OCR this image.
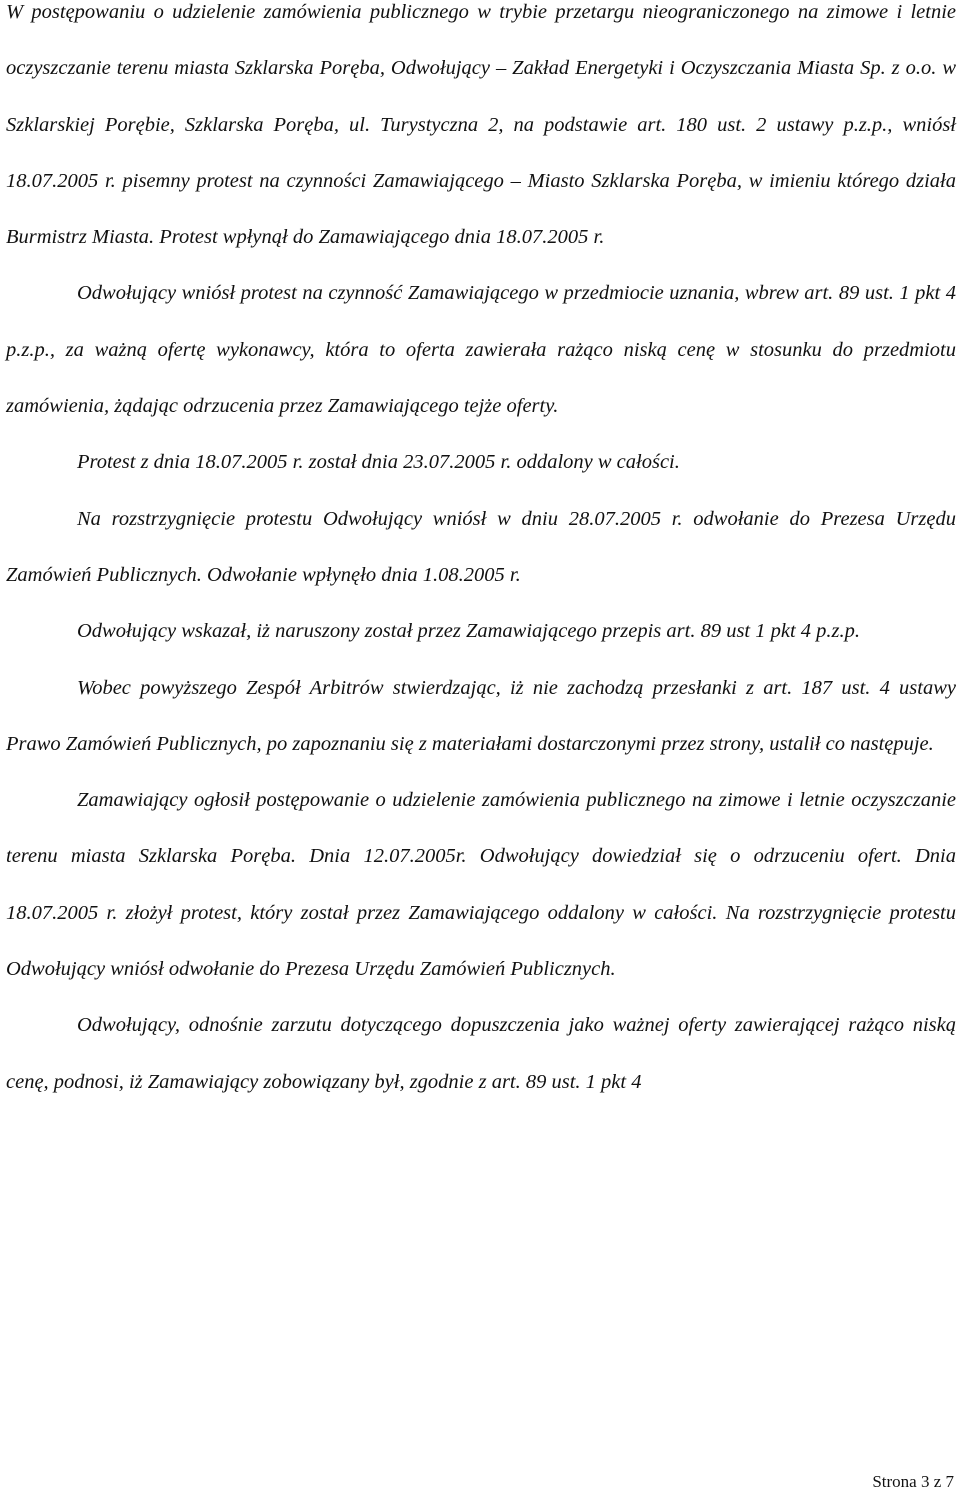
W postępowaniu o udzielenie zamówienia publicznego w trybie przetargu nieograniczonego na zimowe i letnie oczyszczanie terenu miasta Szklarska Poręba, Odwołujący – Zakład Energetyki i Oczyszczania Miasta Sp. z o.o. w Szklarskiej Porębie, Szklarska Poręba, ul. Turystyczna 2, na podstawie art. 180 ust. 2 ustawy p.z.p., wniósł 18.07.2005 r. pisemny protest na czynności Zamawiającego – Miasto Szklarska Poręba, w imieniu którego działa Burmistrz Miasta. Protest wpłynął do Zamawiającego dnia 18.07.2005 r.

Odwołujący wniósł protest na czynność Zamawiającego w przedmiocie uznania, wbrew art. 89 ust. 1 pkt 4 p.z.p., za ważną ofertę wykonawcy, która to oferta zawierała rażąco niską cenę w stosunku do przedmiotu zamówienia, żądając odrzucenia przez Zamawiającego tejże oferty.

Protest z dnia 18.07.2005 r. został dnia 23.07.2005 r. oddalony w całości.

Na rozstrzygnięcie protestu Odwołujący wniósł w dniu 28.07.2005 r. odwołanie do Prezesa Urzędu Zamówień Publicznych. Odwołanie wpłynęło dnia 1.08.2005 r.

Odwołujący wskazał, iż naruszony został przez Zamawiającego przepis art. 89 ust 1 pkt 4 p.z.p.

Wobec powyższego Zespół Arbitrów stwierdzając, iż nie zachodzą przesłanki z art. 187 ust. 4 ustawy Prawo Zamówień Publicznych, po zapoznaniu się z materiałami dostarczonymi przez strony, ustalił co następuje.

Zamawiający ogłosił postępowanie o udzielenie zamówienia publicznego na zimowe i letnie oczyszczanie terenu miasta Szklarska Poręba. Dnia 12.07.2005r. Odwołujący dowiedział się o odrzuceniu ofert. Dnia 18.07.2005 r. złożył protest, który został przez Zamawiającego oddalony w całości. Na rozstrzygnięcie protestu Odwołujący wniósł odwołanie do Prezesa Urzędu Zamówień Publicznych.

Odwołujący, odnośnie zarzutu dotyczącego dopuszczenia jako ważnej oferty zawierającej rażąco niską cenę, podnosi, iż Zamawiający zobowiązany był, zgodnie z art. 89 ust. 1 pkt 4

Strona 3 z 7
